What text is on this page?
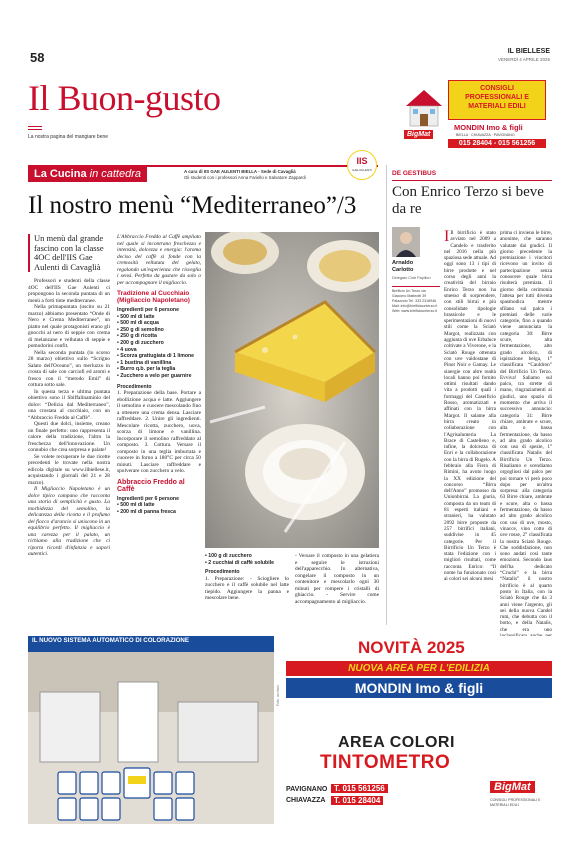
58	IL BIELLESE
VENERDÌ 4 APRILE 2025
Il Buon-gusto
La nostra pagina del mangiare bene	BigMat
CONSIGLI
PROFESSIONALI E
MATERIALI EDILI
MONDIN Imo & figli
BIELLA · CHIAVAZZA · PAVIGNANO
015 28404 - 015 561256
La Cucina in cattedra	A cura di IIS GAE AULENTI BIELLA - Sede di Cavaglià
Gli studenti con i professori Anna Fariello e Salvatore Zappardi
IIS
GAE AULENTI
Il nostro menù “Mediterraneo”/3
Un menù dal grande fascino con la classe 4OC dell'IIS Gae Aulenti di Cavaglià

Professori e studenti della classe 4OC dell'IIS Gae Aulenti ci propongono la seconda puntata di un menù a forti tinte mediterranee.

Nella primapuntata (uscito su 21 marzo) abbiamo presentato “Onde di Nero e Crema Mediterranee”, un piatto nel quale protagonisti erano gli gnocchi al nero di seppie con crema di melanzane e vellutata di seppie e pomodorini confit.

Nella seconda puntata (lo scorso 28 marzo) obiettivo sullo “Scrigno Salato dell'Oceano”, un merluzzo in crosta di sale con carciofi ed aromi e fresco con il “metodo Emil” di cottura sotto sale.

In questa terza e ultima puntata obiettivo sono il Sbiffalinaminio del dolce: “Delizia dal Mediterraneo”, una crostata al cucchiaio, con un “Abbraccio Freddo al Caffè”.

Questi due dolci, insieme, creano un finale perfetto: uno rappresenta il calore della tradizione, l'altro la freschezza dell'innovazione. Un connubio che crea sorpresa e palate!

Se volete recuperare le due ricette precedenti le trovate nella nostra edicola digitale su www.ilbiellese.it, acquistando i giornali del 21 e 28 marzo).

Il Migliaccio Napoletano è un dolce tipico campano che racconta una storia di semplicità e gusto. La morbidezza del semolino, la delicatezza della ricotta e il profumo del fiocco d'arancio si uniscono in un equilibrio perfetto. Il migliaccio è una carezza per il palato, un richiamo alla tradizione che ci riporta ricordi d'infanzia e sapori autentici.

L'Abbraccio Freddo al Caffè ampliato nel quale si incontrano freschezza e intensità, dolcezza e energia: l'aroma deciso del caffè si fonde con la cremosità vellutata del gelato, regalando un'esperienza che risveglia i sensi. Perfetto da gustare da solo o per accompagnare il migliaccio.
Tradizione al Cucchiaio (Migliaccio Napoletano)
Ingredienti per 6 persone
• 500 ml di latte
• 500 ml di acqua
• 250 g di semolino
• 250 g di ricotta
• 200 g di zucchero
• 4 uova
• Scorza grattugiata di 1 limone
• 1 bustina di vanillina
• Burro q.b. per la teglia
• Zucchero a velo per guarnire
Procedimento
1. Preparazione della base. Portare a ebollizione acqua e latte. Aggiungere il semolino e cuocere mescolando fino a ottenere una crema densa. Lasciare raffreddare. 2. Unire gli ingredienti. Mescolare ricotta, zucchero, uova, scorza di limone e vanillina. Incorporare il semolino raffreddato al composto. 3. Cottura. Versare il composto in una teglia imburrata e cuocere in forno a 180°C per circa 50 minuti. Lasciare raffreddare e spolverare con zucchero a velo.
Abbraccio Freddo al Caffè
Ingredienti per 6 persone
• 500 ml di latte
• 200 ml di panna fresca
• 100 g di zucchero
• 2 cucchiai di caffè solubile
Procedimento
1. Preparazione: - Sciogliere lo zucchero e il caffè solubile nel latte tiepido. Aggiungere la panna e mescolare bene.
- Versare il composto in una gelatiera e seguire le istruzioni dell'apparecchio. In alternativa, congelare il composto in un contenitore e mescolarlo ogni 30 minuti per rompere i cristalli di ghiaccio. - Servire come accompagnamento al migliaccio.
DE GESTIBUS
Con Enrico Terzo si beve da re
Arnaldo Carlotto
Delegato Club Papillon
Birrificio Un Terzo via Giacomo Matteotti 39 Palazzolo Tel. 333 2318946 Mail: info@birrificiounterzo.it Web: www.birrificiounterzo.it
I Il birrificio è stato avviato nel 2009 a Candelo e trasferito nel 2016 nella più spaziosa sede attuale. Ad oggi sono 13 i tipi di birre prodotte e nel corso degli anni la creatività del birraio Enrico Terzo non ha smesso di sorprendere, con stili birrai e più consolidate tipologie brassicole e le sperimentazioni di nuovi stili come la Sciatò Margot, realizzata con aggiunta di uve Erbaluce coltivate a Viverone, e la Sciatò Rouge ottenuta con uve valdostane di Pinot Noir e Gamay. Le sinergie con altre realtà locali hanno poi fornito ottimi risultati dando vita a prodotti quali i formaggi del Caseificio Rosso, aromatizzati e affinati con la birra Margot. Il salame alla birra creato in collaborazione con l'Agrisalumeria La Brace di Castelleno e, infine, la dolcezza di Enri e la collaborazione con la birra di Rugelo. A febbraio alla Fiera di Rimini, ha avuto luogo la XX edizione del concorso “Birra dell'Anno” promosso da Unionbirrai. La giuria, composta da un team di 81 esperti italiani e stranieri, ha valutato 2092 birre proposte da 257 birrifici italiani, suddivise in 45 categorie. Per il Birrificio Un Terzo è stata l'edizione con i migliori risultati, come racconta Enrico: “Il nome ha funzionato così ai colori sei alcuni mesi
prima ci invieno le birre, anonime, che saranno valutate dai giudici. Il giorno precedente la premiazione i vincitori ricevono un invito di partecipazione senza conoscere quale birra risulterà premiata. Il giorno della cerimonia l'attesa per tutti diventa spasmodica mentre sfilano sul palco i premiati delle varie categorie, fino a quando viene annunciata la categoria 30: Birre scure, alta fermentazione, alto grado alcolico, di ispirazione belga, 1° classificata “Cauldron” del Birrificio Un Terzo. Evviva! Saliamo sul palco, tra strette di mano, ringraziamenti ai giudici, uno spazio di momento che arriva il successivo annuncio: categoria 31: Birre chiare, ambrate e scure, alta o bassa fermentazione, da basso ad alto grado alcolico con uso di spezie, 1° classificata Natalis del Birrificio Un Terzo. Risaliamo e scendiamo orgogliosi dal palco per poi tornare vi però poco dopo per un'altra sorpresa: alla categoria 63 Birre chiare, ambrate e scure, alta o bassa fermentazione, da basso ad alto grado alcolico con uso di uve, mosto, vinacce, vino cotto di uve rosse, 2° classificata la nostra Sciatò Rouge. Che soddisfazione, non sono andati così tante emozioni. Secondo laus dell'ha dedicato “Cruchi” e la birra “Natalis” il nostro birrificio è al quarto posto in Italia, con la Sciatò Rouge che da 3 anni viene l'argento, gli sei della nuova Candel rum, che debutta con il botto, e della Natalis, che era uno
IL NUOVO SISTEMA AUTOMATICO DI COLORAZIONE
Foto: archivio
NOVITÀ 2025
NUOVA AREA PER L'EDILIZIA
MONDIN Imo & figli
AREA COLORI
TINTOMETRO
PAVIGNANO
CHIAVAZZA
T. 015 561256
T. 015 28404
BigMat
CONSIGLI PROFESSIONALI E MATERIALI EDILI
